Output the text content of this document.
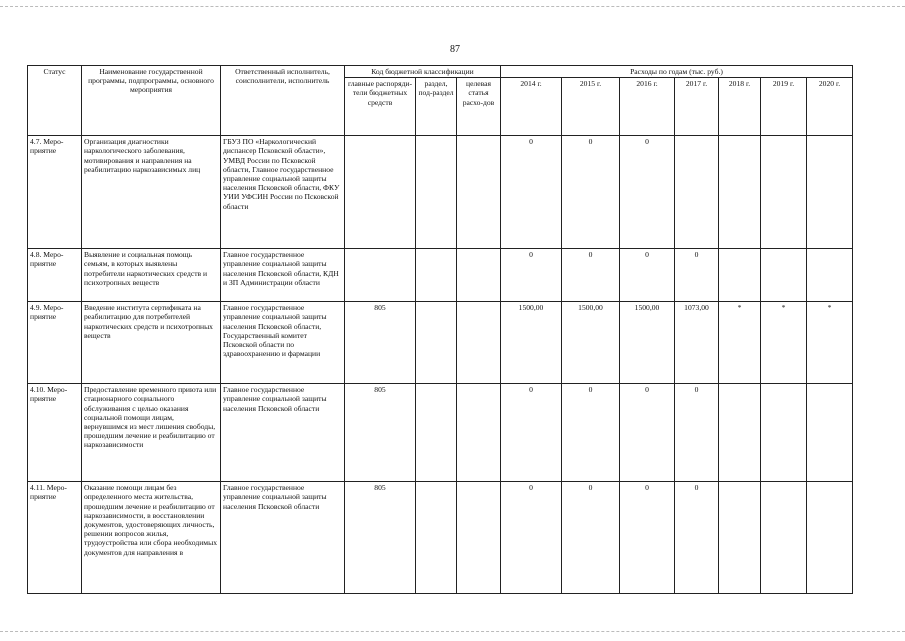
87
Статус	Наименование государственной программы, подпрограммы, основного мероприятия	Ответственный исполнитель, соисполнители, исполнитель	Код бюджетной классификации			Расходы по годам (тыс. руб.)						
			главные распоряди-тели бюджетных средств	раздел, под-раздел	целевая статья расхо-дов	2014 г.	2015 г.	2016 г.	2017 г.	2018 г.	2019 г.	2020 г.
4.7. Меро-приятие	Организация диагностики наркологического заболевания, мотивирования и направления на реабилитацию наркозависимых лиц	ГБУЗ ПО «Наркологический диспансер Псковской области», УМВД России по Псковской области, Главное государственное управление социальной защиты населения Псковской области, ФКУ УИИ УФСИН России по Псковской области				0	0	0				
4.8. Меро-приятие	Выявление и социальная помощь семьям, в которых выявлены потребители наркотических средств и психотропных веществ	Главное государственное управление социальной защиты населения Псковской области, КДН и ЗП Администрации области				0	0	0	0			
4.9. Меро-приятие	Введение института сертификата на реабилитацию для потребителей наркотических средств и психотропных веществ	Главное государственное управление социальной защиты населения Псковской области, Государственный комитет Псковской области по здравоохранению и фармации	805			1500,00	1500,00	1500,00	1073,00	*	*	*
4.10. Меро-приятие	Предоставление временного приюта или стационарного социального обслуживания с целью оказания социальной помощи лицам, вернувшимся из мест лишения свободы, прошедшим лечение и реабилитацию от наркозависимости	Главное государственное управление социальной защиты населения Псковской области	805			0	0	0	0			
4.11. Меро-приятие	Оказание помощи лицам без определенного места жительства, прошедшим лечение и реабилитацию от наркозависимости, в восстановлении документов, удостоверяющих личность, решении вопросов жилья, трудоустройства или сбора необходимых документов для направления в	Главное государственное управление социальной защиты населения Псковской области	805			0	0	0	0			
